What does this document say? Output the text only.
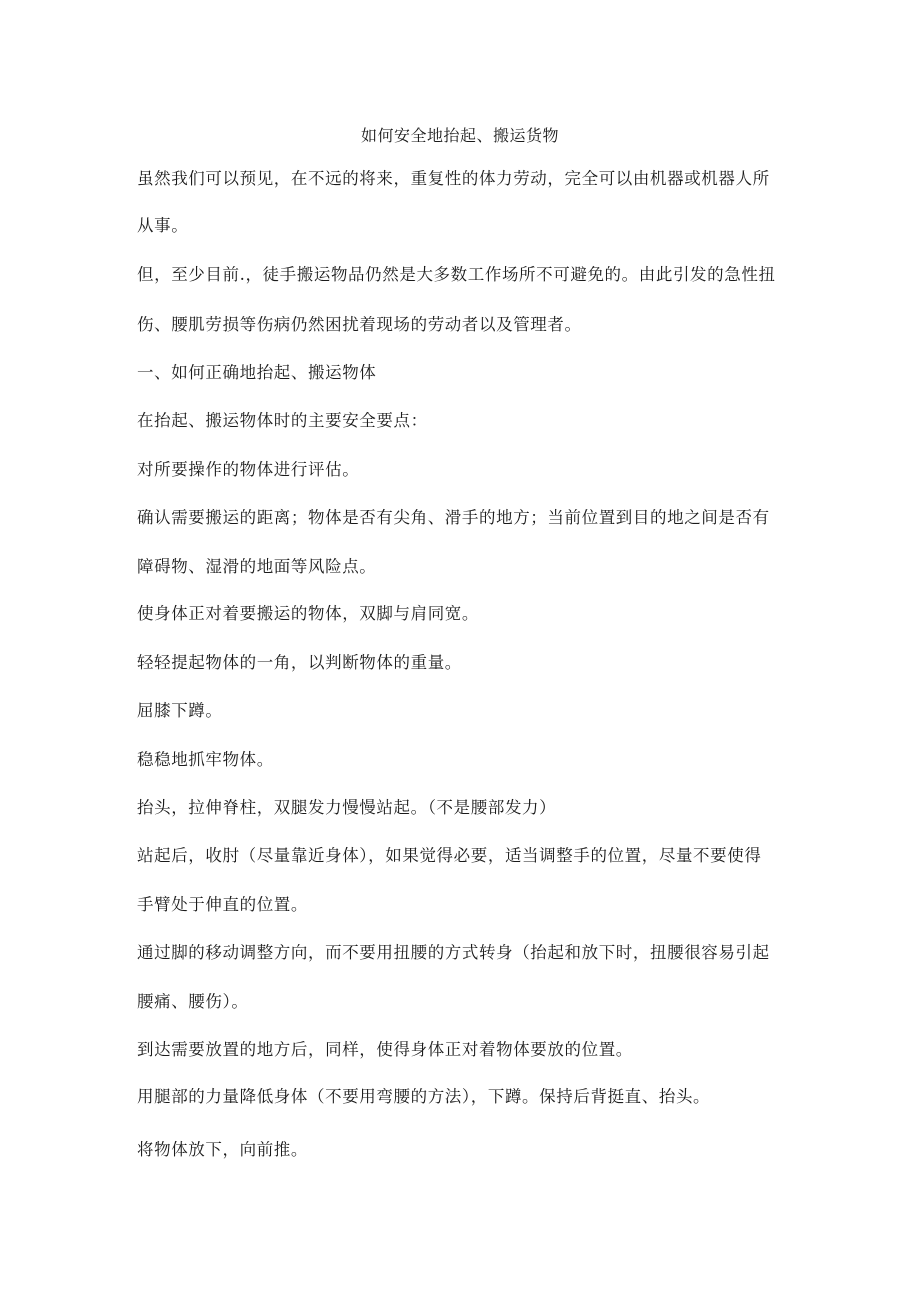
如何安全地抬起、搬运货物
虽然我们可以预见，在不远的将来，重复性的体力劳动，完全可以由机器或机器人所
从事。
但，至少目前.，徒手搬运物品仍然是大多数工作场所不可避免的。由此引发的急性扭
伤、腰肌劳损等伤病仍然困扰着现场的劳动者以及管理者。
一、如何正确地抬起、搬运物体
在抬起、搬运物体时的主要安全要点：
对所要操作的物体进行评估。
确认需要搬运的距离；物体是否有尖角、滑手的地方；当前位置到目的地之间是否有
障碍物、湿滑的地面等风险点。
使身体正对着要搬运的物体，双脚与肩同宽。
轻轻提起物体的一角，以判断物体的重量。
屈膝下蹲。
稳稳地抓牢物体。
抬头，拉伸脊柱，双腿发力慢慢站起。（不是腰部发力）
站起后，收肘（尽量靠近身体），如果觉得必要，适当调整手的位置，尽量不要使得
手臂处于伸直的位置。
通过脚的移动调整方向，而不要用扭腰的方式转身（抬起和放下时，扭腰很容易引起
腰痛、腰伤）。
到达需要放置的地方后，同样，使得身体正对着物体要放的位置。
用腿部的力量降低身体（不要用弯腰的方法），下蹲。保持后背挺直、抬头。
将物体放下，向前推。
